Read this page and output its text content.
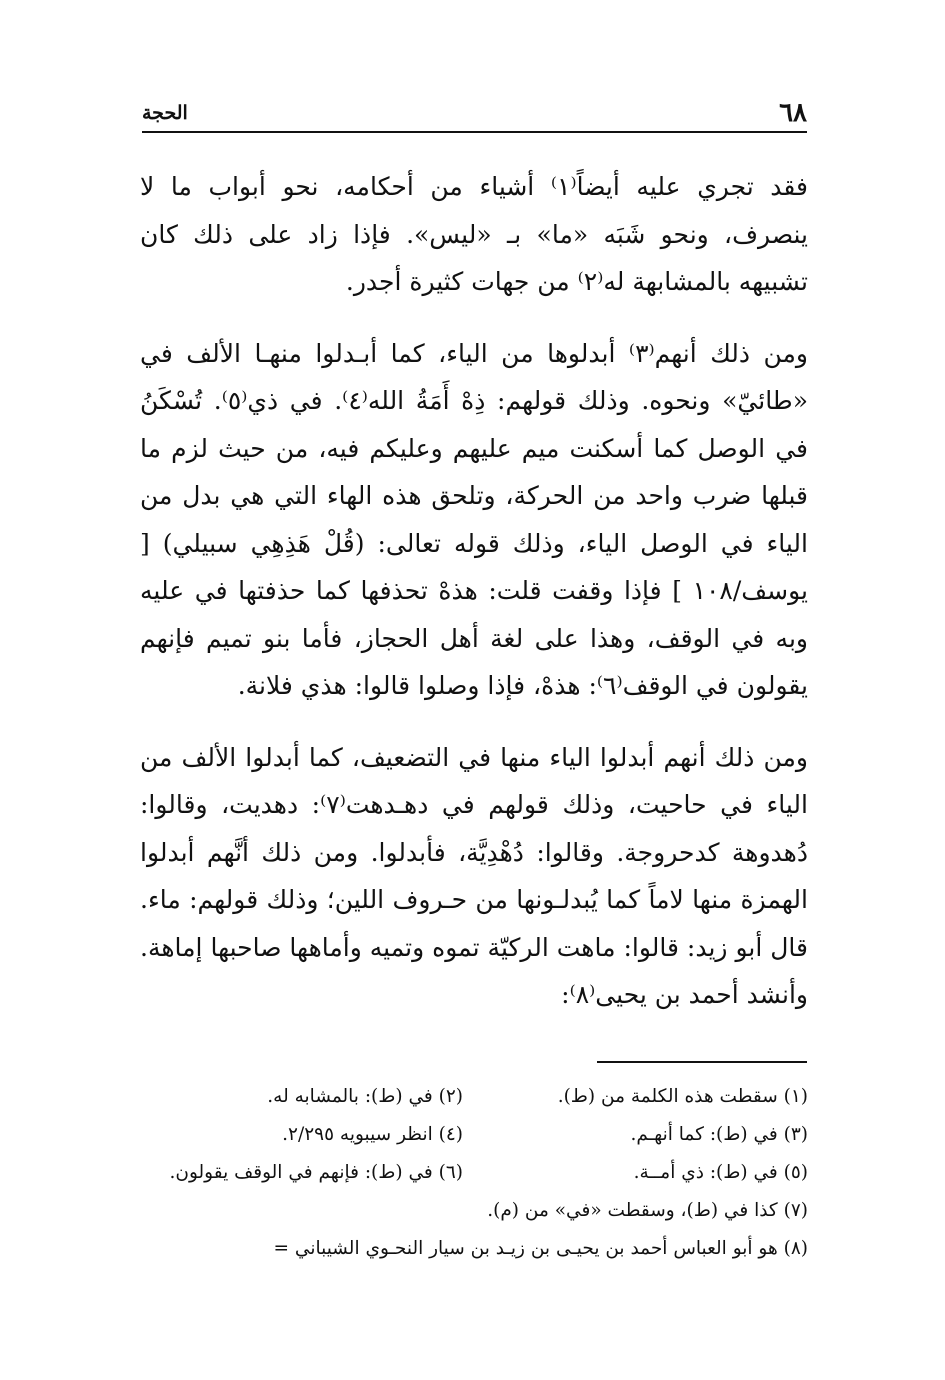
٦٨
الحجة

فقد تجري عليه أيضاً⁽١⁾ أشياء من أحكامه، نحو أبواب ما لا ينصرف، ونحو شَبَه «ما» بـ «ليس». فإذا زاد على ذلك كان تشبيهه بالمشابهة له⁽٢⁾ من جهات كثيرة أجدر.

ومن ذلك أنهم⁽٣⁾ أبدلوها من الياء، كما أبـدلوا منهـا الألف في «طائيّ» ونحوه. وذلك قولهم: ذِهْ أَمَةُ الله⁽٤⁾. في ذي⁽٥⁾. تُسْكَنُ في الوصل كما أسكنت ميم عليهم وعليكم فيه، من حيث لزم ما قبلها ضرب واحد من الحركة، وتلحق هذه الهاء التي هي بدل من الياء في الوصل الياء، وذلك قوله تعالى: (قُلْ هَذِهِي سبيلي) [ يوسف/١٠٨ ] فإذا وقفت قلت: هذهْ تحذفها كما حذفتها في عليه وبه في الوقف، وهذا على لغة أهل الحجاز، فأما بنو تميم فإنهم يقولون في الوقف⁽٦⁾: هذهْ، فإذا وصلوا قالوا: هذي فلانة.

ومن ذلك أنهم أبدلوا الياء منها في التضعيف، كما أبدلوا الألف من الياء في حاحيت، وذلك قولهم في دهـدهت⁽٧⁾: دهديت، وقالوا: دُهدوهة كدحروجة. وقالوا: دُهْدِيَّة، فأبدلوا. ومن ذلك أنَّهم أبدلوا الهمزة منها لاماً كما يُبدلـونها من حـروف اللين؛ وذلك قولهم: ماء. قال أبو زيد: قالوا: ماهت الركيّة تموه وتميه وأماهها صاحبها إماهة. وأنشد أحمد بن يحيى⁽٨⁾:

(١) سقطت هذه الكلمة من (ط).
(٢) في (ط): بالمشابه له.
(٣) في (ط): كما أنهـم.
(٤) انظر سيبويه ٢/٢٩٥.
(٥) في (ط): ذي أمــة.
(٦) في (ط): فإنهم في الوقف يقولون.
(٧) كذا في (ط)، وسقطت «في» من (م).
(٨) هو أبو العباس أحمد بن يحيـى بن زيـد بن سيار النحـوي الشيباني =
